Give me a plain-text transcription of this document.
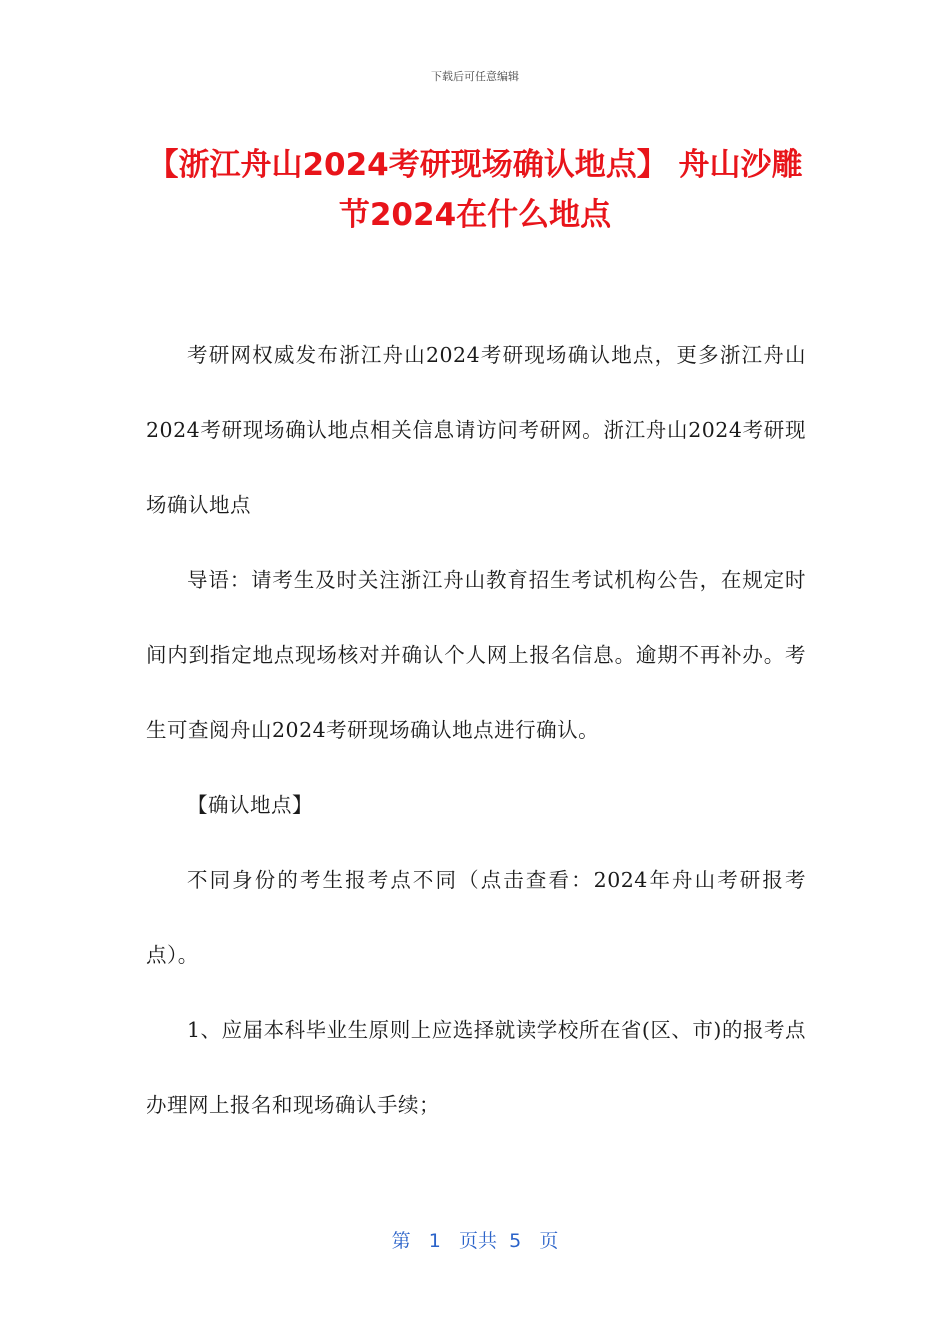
下载后可任意编辑
【浙江舟山2024考研现场确认地点】 舟山沙雕节2024在什么地点

考研网权威发布浙江舟山2024考研现场确认地点，更多浙江舟山2024考研现场确认地点相关信息请访问考研网。浙江舟山2024考研现场确认地点

导语：请考生及时关注浙江舟山教育招生考试机构公告，在规定时间内到指定地点现场核对并确认个人网上报名信息。逾期不再补办。考生可查阅舟山2024考研现场确认地点进行确认。

【确认地点】

不同身份的考生报考点不同（点击查看：2024年舟山考研报考点）。

1、应届本科毕业生原则上应选择就读学校所在省(区、市)的报考点办理网上报名和现场确认手续；

第 1 页共 5 页
